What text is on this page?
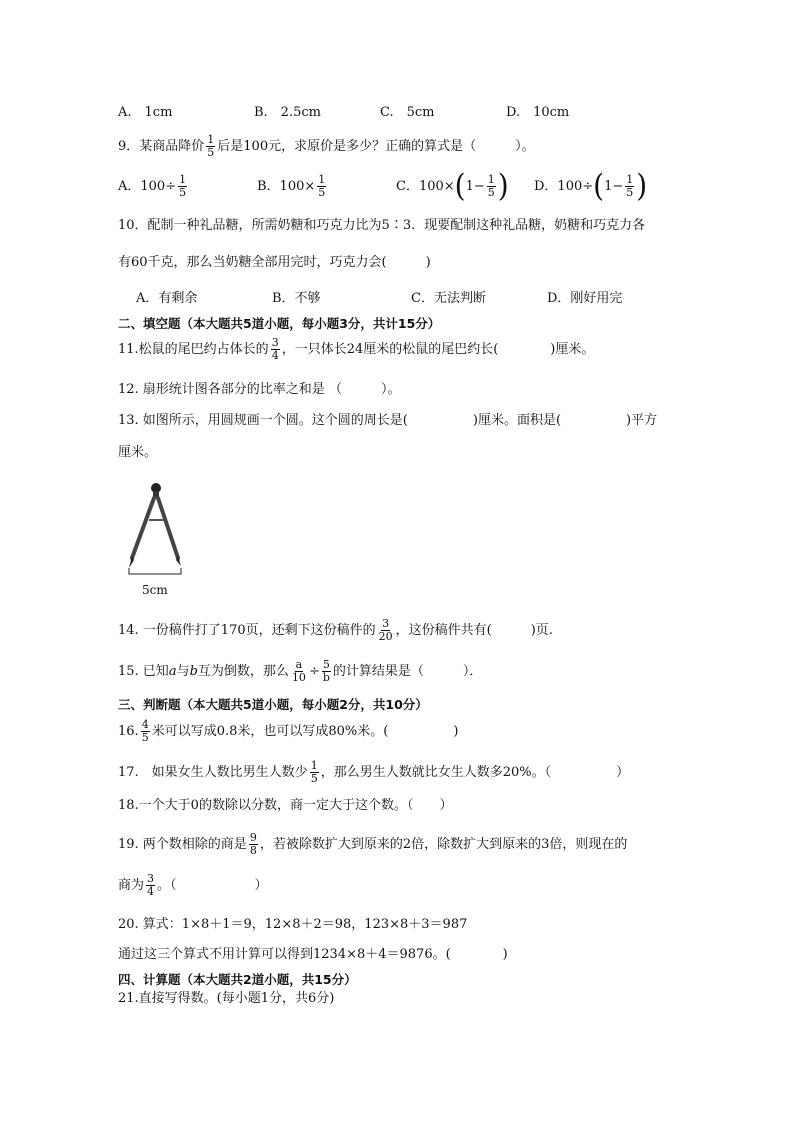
A.　1cm	B.　2.5cm	C.　5cm	D.　10cm
9．某商品降价 $\frac{1}{5}$ 后是100元，求原价是多少？正确的算式是（　　　）。
A．$100\div \frac{1}{5}$	B．$100\times \frac{1}{5}$	C．100× ( $1- \frac{1}{5}$ ) D．100÷ ( $1- \frac{1}{5}$ )
10．配制一种礼品糖，所需奶糖和巧克力比为5∶3．现要配制这种礼品糖，奶糖和巧克力各
有60千克，那么当奶糖全部用完时，巧克力会(　　　)
A．有剩余	B．不够	C．无法判断	D．刚好用完
二、填空题（本大题共5道小题，每小题3分，共计15分）
11.松鼠的尾巴约占体长的 $\frac{3}{4}$ ，一只体长24厘米的松鼠的尾巴约长(　　　　)厘米。
12. 扇形统计图各部分的比率之和是 （　　　）。
13. 如图所示，用圆规画一个圆。这个圆的周长是(　　　　　)厘米。面积是(　　　　　)平方
厘米。
5cm
14. 一份稿件打了170页，还剩下这份稿件的 $\frac{3}{20}$ ，这份稿件共有(　　　)页.
15. 已知 a 与 b 互为倒数，那么 $\frac{a}{10} \div \frac{5}{b}$ 的计算结果是（　　　）．
三、判断题（本大题共5道小题，每小题2分，共10分）
16. $\frac{4}{5}$ 米可以写成0.8米，也可以写成80%米。(　　　　　)
17.　如果女生人数比男生人数少 $\frac{1}{5}$ ，那么男生人数就比女生人数多20%。（　　　　　）
18.一个大于0的数除以分数，商一定大于这个数。（　　）
19. 两个数相除的商是 $\frac{9}{8}$ ，若被除数扩大到原来的2倍，除数扩大到原来的3倍，则现在的
商为 $\frac{3}{4}$ 。（　　　　　　）
20. 算式：1×8＋1＝9，12×8＋2＝98，123×8＋3＝987
通过这三个算式不用计算可以得到1234×8＋4＝9876。(　　　　)
四、计算题（本大题共2道小题，共15分）
21.直接写得数。(每小题1分，共6分)
